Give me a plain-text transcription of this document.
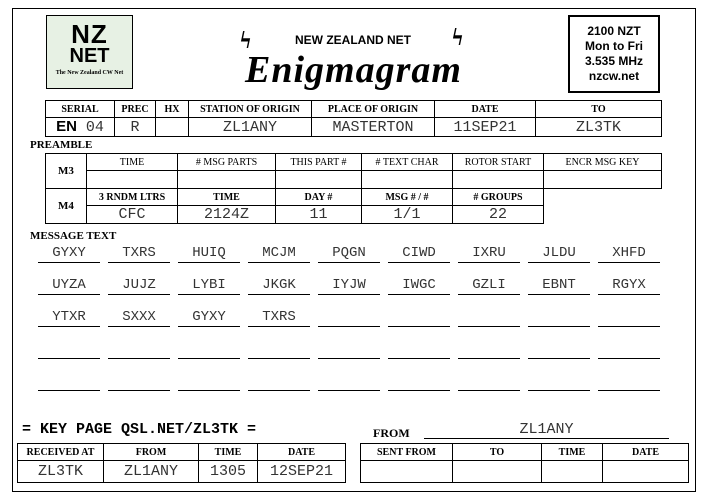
NZ
NET
The New Zealand CW Net
ϟ	ϟ
NEW ZEALAND NET
Enigmagram
2100 NZT
Mon to Fri
3.535 MHz
nzcw.net
SERIAL	PREC	HX	STATION OF ORIGIN	PLACE OF ORIGIN	DATE	TO
EN 04	R		ZL1ANY	MASTERTON	11SEP21	ZL3TK
PREAMBLE
M3	TIME	# MSG PARTS	THIS PART #	# TEXT CHAR	ROTOR START	ENCR MSG KEY

M4	3 RNDM LTRS	TIME	DAY #	MSG # / #	# GROUPS	
	CFC	2124Z	11	1/1	22	
MESSAGE TEXT
GYXY	TXRS	HUIQ	MCJM	PQGN	CIWD	IXRU	JLDU	XHFD
UYZA	JUJZ	LYBI	JKGK	IYJW	IWGC	GZLI	EBNT	RGYX
YTXR	SXXX	GYXY	TXRS
= KEY PAGE QSL.NET/ZL3TK =	FROM	ZL1ANY
RECEIVED AT	FROM	TIME	DATE
ZL3TK	ZL1ANY	1305	12SEP21
SENT FROM	TO	TIME	DATE
